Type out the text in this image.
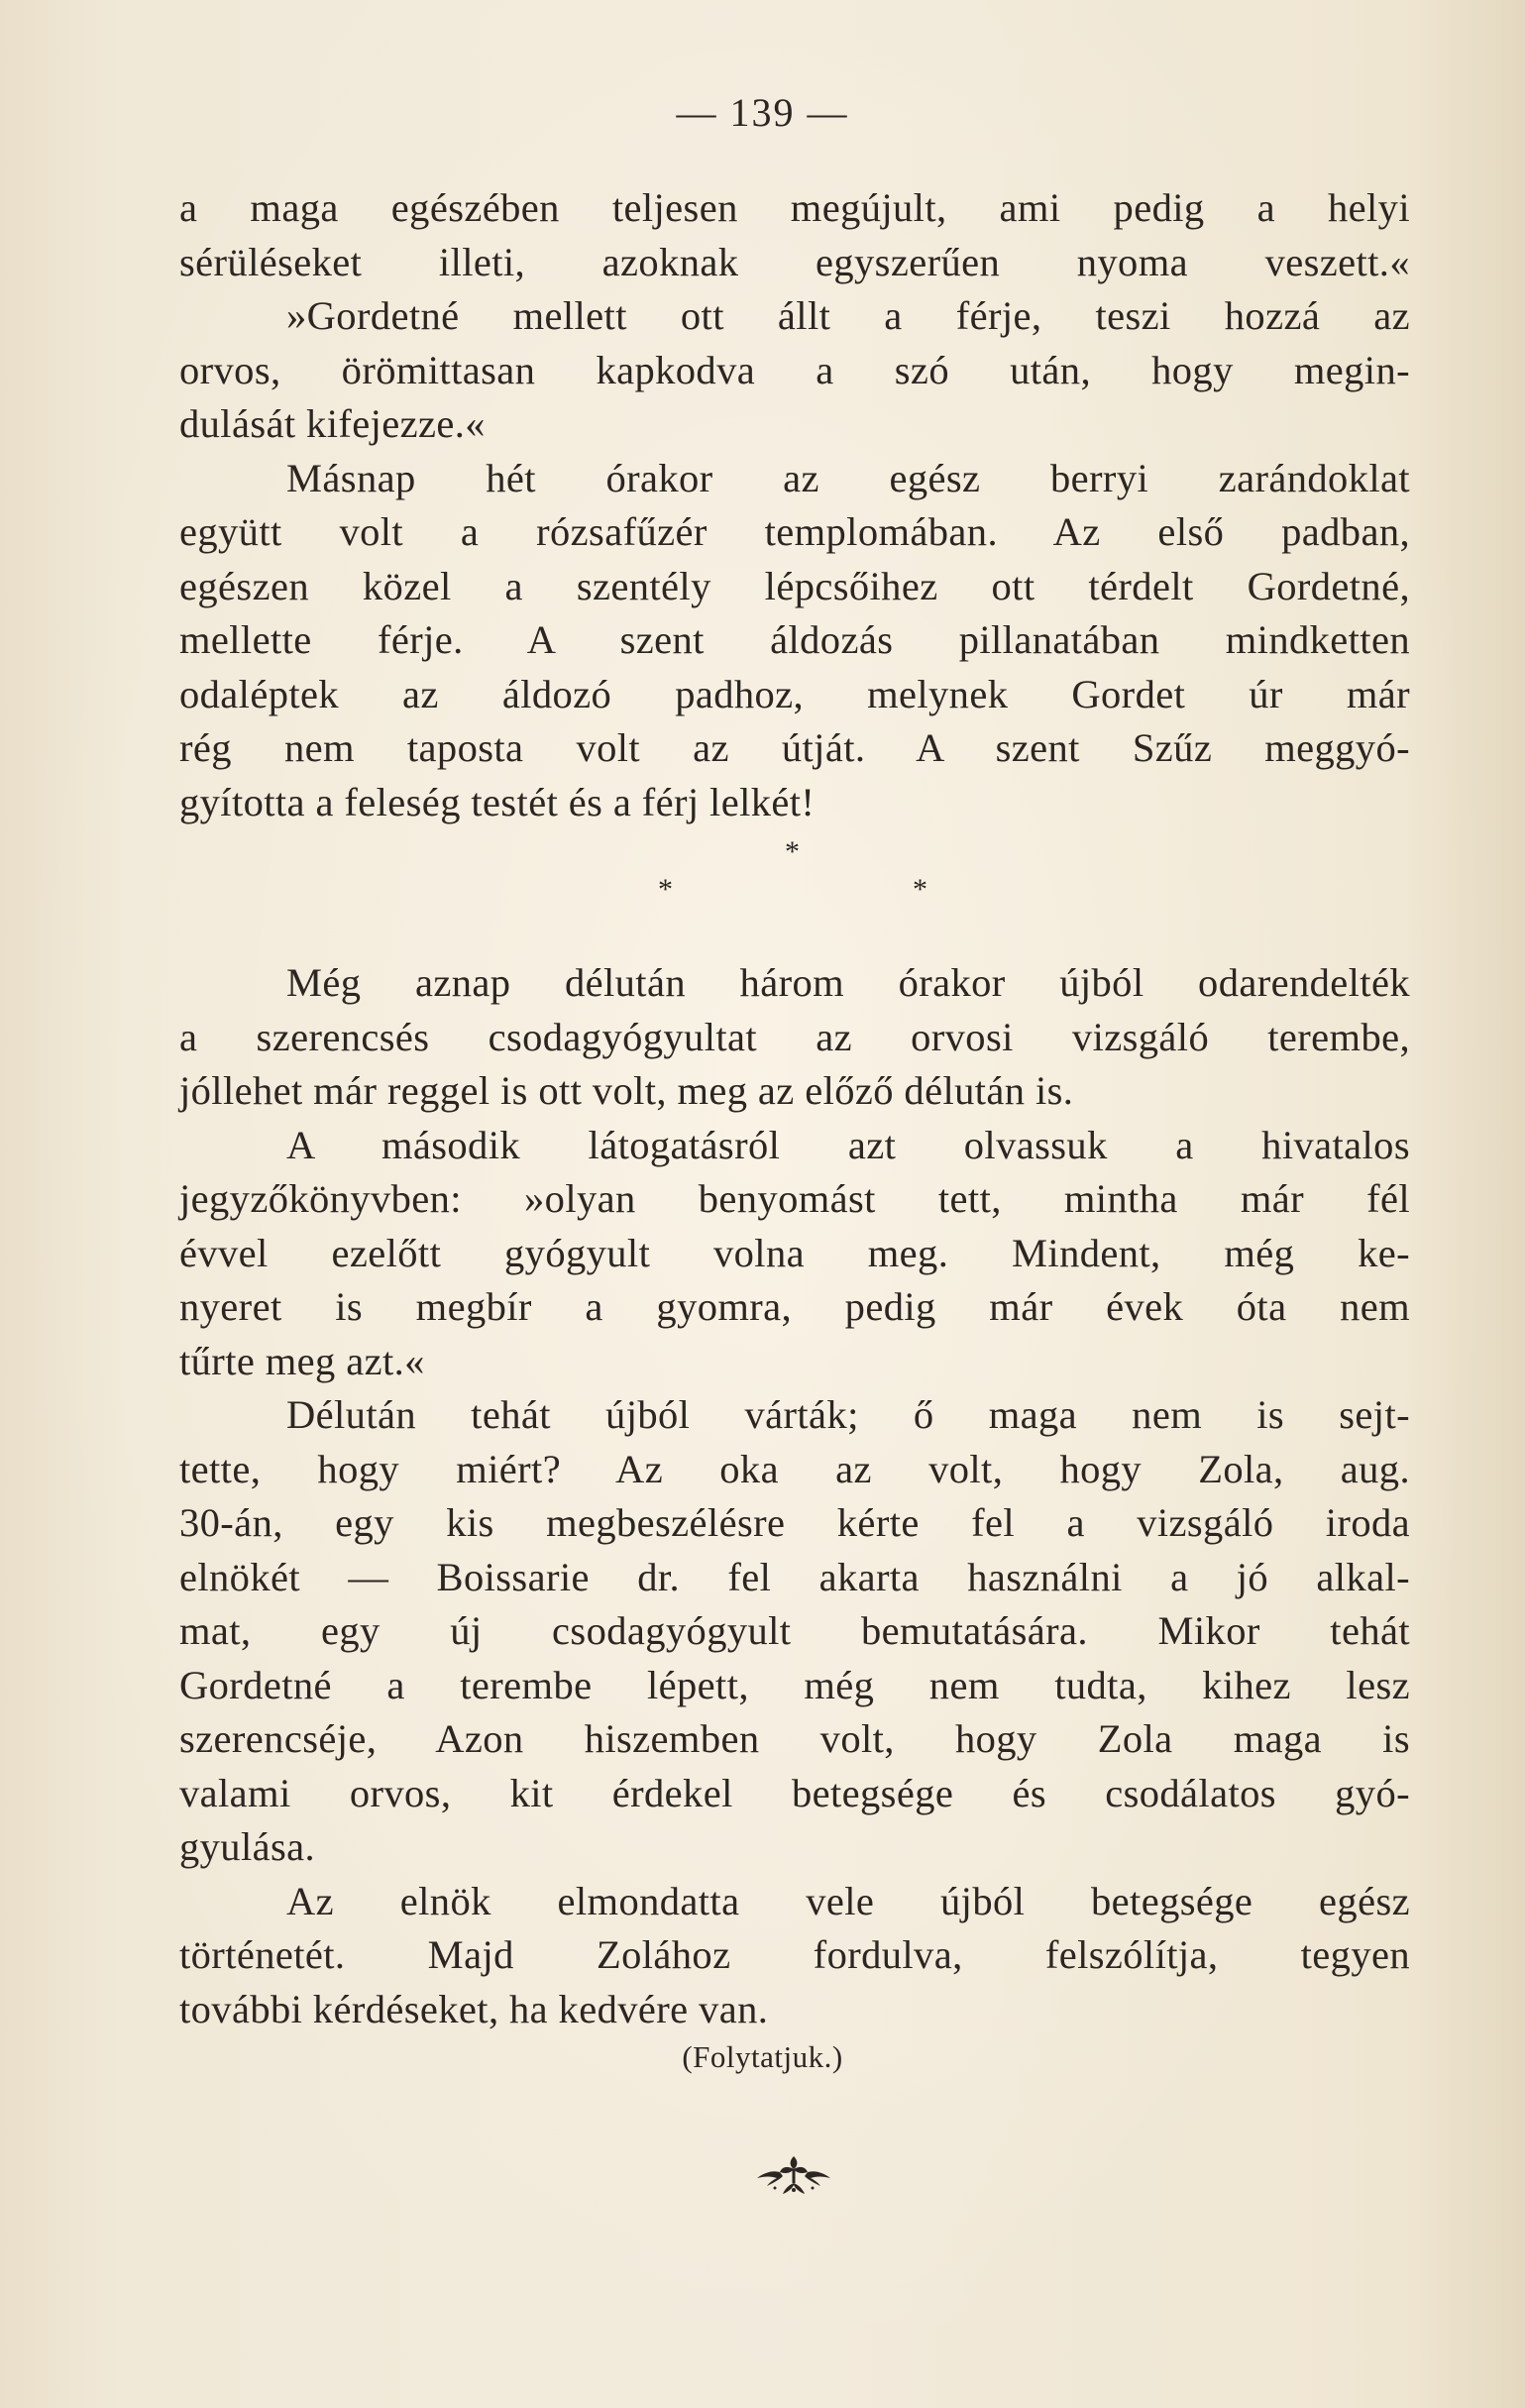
— 139 —
a maga egészében teljesen megújult, ami pedig a helyi
sérüléseket illeti, azoknak egyszerűen nyoma veszett.«
»Gordetné mellett ott állt a férje, teszi hozzá az
orvos, örömittasan kapkodva a szó után, hogy megin-
dulását kifejezze.«
Másnap hét órakor az egész berryi zarándoklat
együtt volt a rózsafűzér templomában. Az első padban,
egészen közel a szentély lépcsőihez ott térdelt Gordetné,
mellette férje. A szent áldozás pillanatában mindketten
odaléptek az áldozó padhoz, melynek Gordet úr már
rég nem taposta volt az útját. A szent Szűz meggyó-
gyította a feleség testét és a férj lelkét!
*
*	*
Még aznap délután három órakor újból odarendelték
a szerencsés csodagyógyultat az orvosi vizsgáló terembe,
jóllehet már reggel is ott volt, meg az előző délután is.
A második látogatásról azt olvassuk a hivatalos
jegyzőkönyvben: »olyan benyomást tett, mintha már fél
évvel ezelőtt gyógyult volna meg. Mindent, még ke-
nyeret is megbír a gyomra, pedig már évek óta nem
tűrte meg azt.«
Délután tehát újból várták; ő maga nem is sejt-
tette, hogy miért? Az oka az volt, hogy Zola, aug.
30-án, egy kis megbeszélésre kérte fel a vizsgáló iroda
elnökét — Boissarie dr. fel akarta használni a jó alkal-
mat, egy új csodagyógyult bemutatására. Mikor tehát
Gordetné a terembe lépett, még nem tudta, kihez lesz
szerencséje, Azon hiszemben volt, hogy Zola maga is
valami orvos, kit érdekel betegsége és csodálatos gyó-
gyulása.
Az elnök elmondatta vele újból betegsége egész
történetét. Majd Zolához fordulva, felszólítja, tegyen
további kérdéseket, ha kedvére van.
(Folytatjuk.)
